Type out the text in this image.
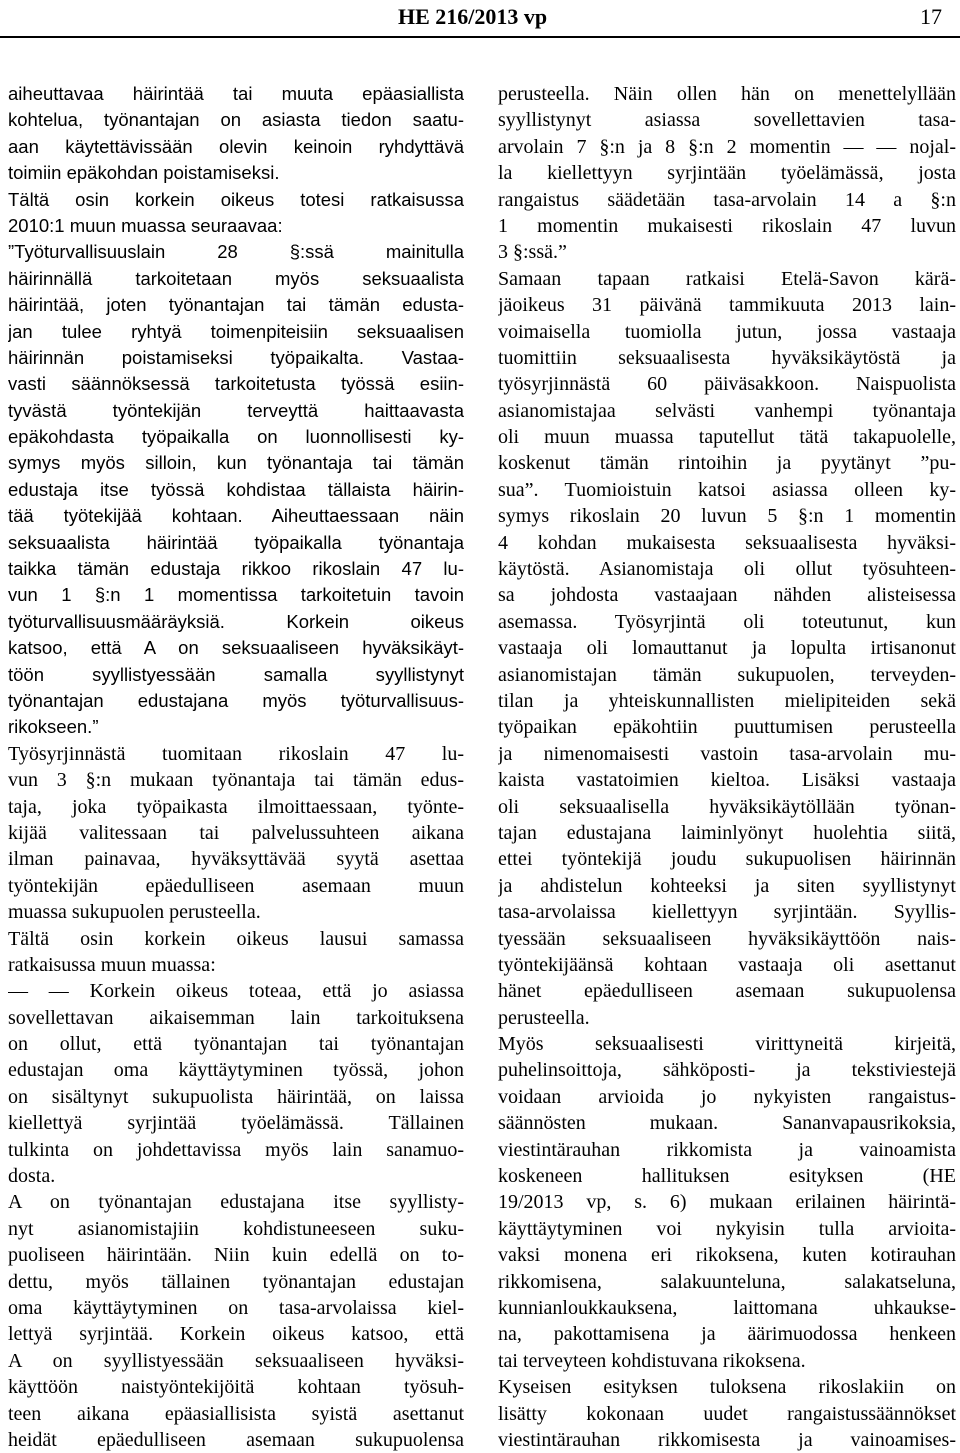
HE 216/2013 vp	17
aiheuttavaa häirintää tai muuta epäasiallista
kohtelua, työnantajan on asiasta tiedon saatu-
aan käytettävissään olevin keinoin ryhdyttävä
toimiin epäkohdan poistamiseksi.
Tältä osin korkein oikeus totesi ratkaisussa
2010:1 muun muassa seuraavaa:
”Työturvallisuuslain 28 §:ssä mainitulla
häirinnällä tarkoitetaan myös seksuaalista
häirintää, joten työnantajan tai tämän edusta-
jan tulee ryhtyä toimenpiteisiin seksuaalisen
häirinnän poistamiseksi työpaikalta. Vastaa-
vasti säännöksessä tarkoitetusta työssä esiin-
tyvästä työntekijän terveyttä haittaavasta
epäkohdasta työpaikalla on luonnollisesti ky-
symys myös silloin, kun työnantaja tai tämän
edustaja itse työssä kohdistaa tällaista häirin-
tää työtekijää kohtaan. Aiheuttaessaan näin
seksuaalista häirintää työpaikalla työnantaja
taikka tämän edustaja rikkoo rikoslain 47 lu-
vun 1 §:n 1 momentissa tarkoitetuin tavoin
työturvallisuusmääräyksiä. Korkein oikeus
katsoo, että A on seksuaaliseen hyväksikäyt-
töön syyllistyessään samalla syyllistynyt
työnantajan edustajana myös työturvallisuus-
rikokseen.”
Työsyrjinnästä tuomitaan rikoslain 47 lu-
vun 3 §:n mukaan työnantaja tai tämän edus-
taja, joka työpaikasta ilmoittaessaan, työnte-
kijää valitessaan tai palvelussuhteen aikana
ilman painavaa, hyväksyttävää syytä asettaa
työntekijän epäedulliseen asemaan muun
muassa sukupuolen perusteella.
Tältä osin korkein oikeus lausui samassa
ratkaisussa muun muassa:
— — Korkein oikeus toteaa, että jo asiassa
sovellettavan aikaisemman lain tarkoituksena
on ollut, että työnantajan tai työnantajan
edustajan oma käyttäytyminen työssä, johon
on sisältynyt sukupuolista häirintää, on laissa
kiellettyä syrjintää työelämässä. Tällainen
tulkinta on johdettavissa myös lain sanamuo-
dosta.
A on työnantajan edustajana itse syyllisty-
nyt asianomistajiin kohdistuneeseen suku-
puoliseen häirintään. Niin kuin edellä on to-
dettu, myös tällainen työnantajan edustajan
oma käyttäytyminen on tasa-arvolaissa kiel-
lettyä syrjintää. Korkein oikeus katsoo, että
A on syyllistyessään seksuaaliseen hyväksi-
käyttöön naistyöntekijöitä kohtaan työsuh-
teen aikana epäasiallisista syistä asettanut
heidät epäedulliseen asemaan sukupuolensa
perusteella. Näin ollen hän on menettelyllään
syyllistynyt asiassa sovellettavien tasa-
arvolain 7 §:n ja 8 §:n 2 momentin — — nojal-
la kiellettyyn syrjintään työelämässä, josta
rangaistus säädetään tasa-arvolain 14 a §:n
1 momentin mukaisesti rikoslain 47 luvun
3 §:ssä.”
Samaan tapaan ratkaisi Etelä-Savon kärä-
jäoikeus 31 päivänä tammikuuta 2013 lain-
voimaisella tuomiolla jutun, jossa vastaaja
tuomittiin seksuaalisesta hyväksikäytöstä ja
työsyrjinnästä 60 päiväsakkoon. Naispuolista
asianomistajaa selvästi vanhempi työnantaja
oli muun muassa taputellut tätä takapuolelle,
koskenut tämän rintoihin ja pyytänyt ”pu-
sua”. Tuomioistuin katsoi asiassa olleen ky-
symys rikoslain 20 luvun 5 §:n 1 momentin
4 kohdan mukaisesta seksuaalisesta hyväksi-
käytöstä. Asianomistaja oli ollut työsuhteen-
sa johdosta vastaajaan nähden alisteisessa
asemassa. Työsyrjintä oli toteutunut, kun
vastaaja oli lomauttanut ja lopulta irtisanonut
asianomistajan tämän sukupuolen, terveyden-
tilan ja yhteiskunnallisten mielipiteiden sekä
työpaikan epäkohtiin puuttumisen perusteella
ja nimenomaisesti vastoin tasa-arvolain mu-
kaista vastatoimien kieltoa. Lisäksi vastaaja
oli seksuaalisella hyväksikäytöllään työnan-
tajan edustajana laiminlyönyt huolehtia siitä,
ettei työntekijä joudu sukupuolisen häirinnän
ja ahdistelun kohteeksi ja siten syyllistynyt
tasa-arvolaissa kiellettyyn syrjintään. Syyllis-
tyessään seksuaaliseen hyväksikäyttöön nais-
työntekijäänsä kohtaan vastaaja oli asettanut
hänet epäedulliseen asemaan sukupuolensa
perusteella.
Myös seksuaalisesti virittyneitä kirjeitä,
puhelinsoittoja, sähköposti- ja tekstiviestejä
voidaan arvioida jo nykyisten rangaistus-
säännösten mukaan. Sananvapausrikoksia,
viestintärauhan rikkomista ja vainoamista
koskeneen hallituksen esityksen (HE
19/2013 vp, s. 6) mukaan erilainen häirintä-
käyttäytyminen voi nykyisin tulla arvioita-
vaksi monena eri rikoksena, kuten kotirauhan
rikkomisena, salakuunteluna, salakatseluna,
kunnianloukkauksena, laittomana uhkaukse-
na, pakottamisena ja äärimuodossa henkeen
tai terveyteen kohdistuvana rikoksena.
Kyseisen esityksen tuloksena rikoslakiin on
lisätty kokonaan uudet rangaistussäännökset
viestintärauhan rikkomisesta ja vainoamises-
